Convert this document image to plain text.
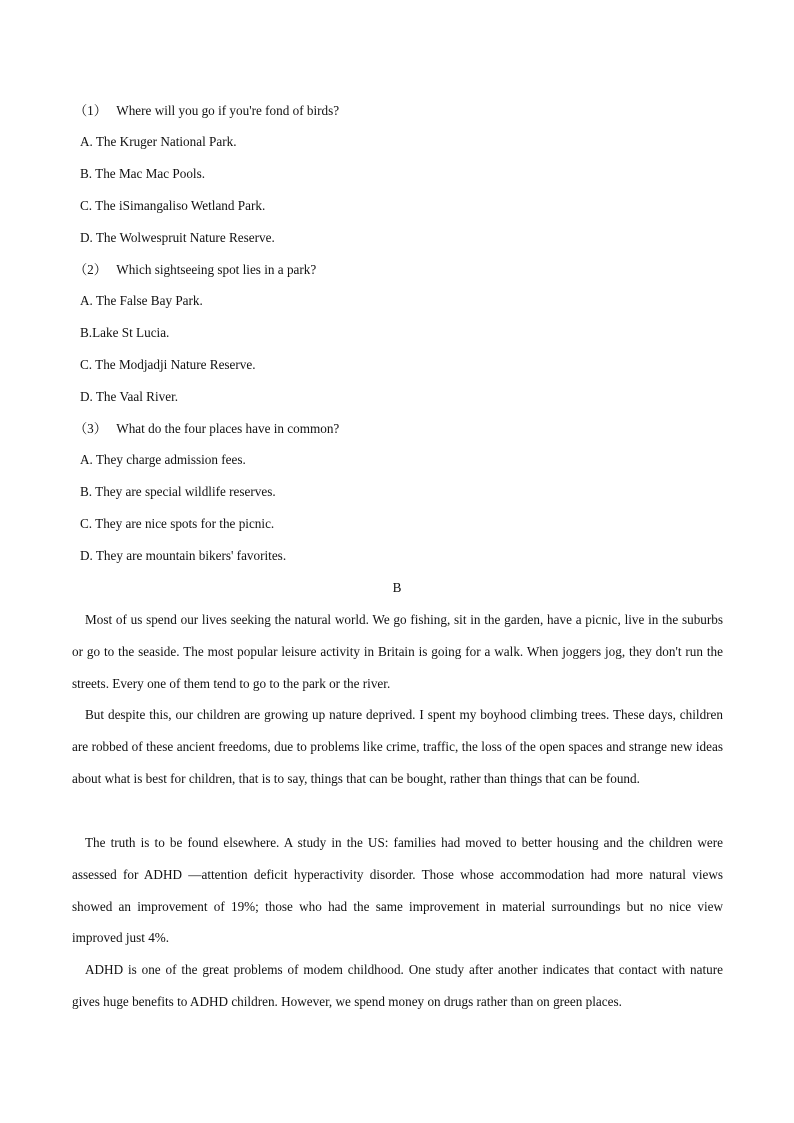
（1） Where will you go if you're fond of birds?
A. The Kruger National Park.
B. The Mac Mac Pools.
C. The iSimangaliso Wetland Park.
D. The Wolwespruit Nature Reserve.
（2） Which sightseeing spot lies in a park?
A. The False Bay Park.
B.Lake St Lucia.
C. The Modjadji Nature Reserve.
D. The Vaal River.
（3） What do the four places have in common?
A. They charge admission fees.
B. They are special wildlife reserves.
C. They are nice spots for the picnic.
D. They are mountain bikers' favorites.
B
Most of us spend our lives seeking the natural world. We go fishing, sit in the garden, have a picnic, live in the suburbs or go to the seaside. The most popular leisure activity in Britain is going for a walk. When joggers jog, they don't run the streets. Every one of them tend to go to the park or the river.
But despite this, our children are growing up nature deprived. I spent my boyhood climbing trees. These days, children are robbed of these ancient freedoms, due to problems like crime, traffic, the loss of the open spaces and strange new ideas about what is best for children, that is to say, things that can be bought, rather than things that can be found.
The truth is to be found elsewhere. A study in the US: families had moved to better housing and the children were assessed for ADHD —attention deficit hyperactivity disorder. Those whose accommodation had more natural views showed an improvement of 19%; those who had the same improvement in material surroundings but no nice view improved just 4%.
ADHD is one of the great problems of modem childhood. One study after another indicates that contact with nature gives huge benefits to ADHD children. However, we spend money on drugs rather than on green places.
